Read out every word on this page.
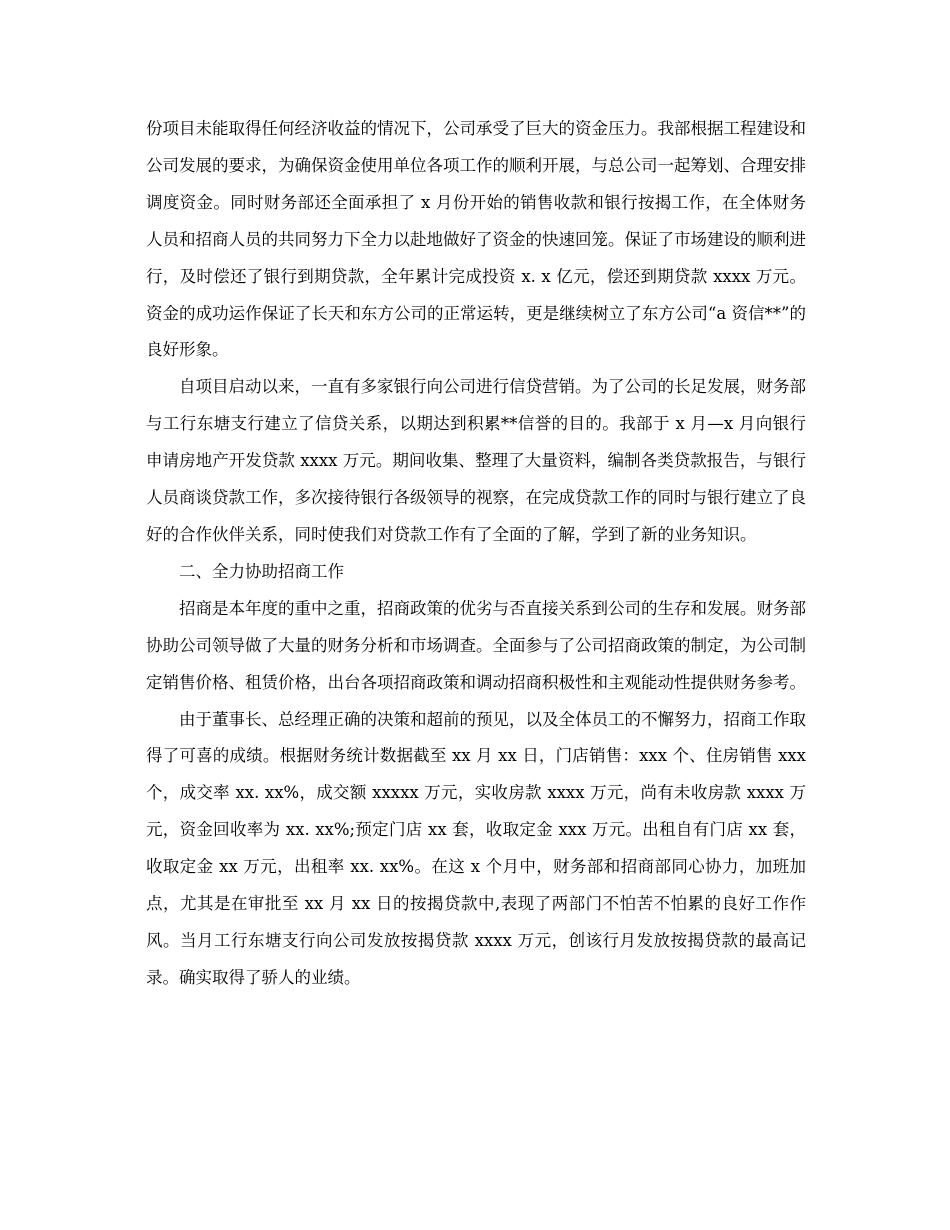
份项目未能取得任何经济收益的情况下，公司承受了巨大的资金压力。我部根据工程建设和公司发展的要求，为确保资金使用单位各项工作的顺利开展，与总公司一起筹划、合理安排调度资金。同时财务部还全面承担了 x 月份开始的销售收款和银行按揭工作，在全体财务人员和招商人员的共同努力下全力以赴地做好了资金的快速回笼。保证了市场建设的顺利进行，及时偿还了银行到期贷款，全年累计完成投资 x. x 亿元，偿还到期贷款 xxxx 万元。资金的成功运作保证了长天和东方公司的正常运转，更是继续树立了东方公司“a 资信**”的良好形象。

自项目启动以来，一直有多家银行向公司进行信贷营销。为了公司的长足发展，财务部与工行东塘支行建立了信贷关系，以期达到积累**信誉的目的。我部于 x 月—x 月向银行申请房地产开发贷款 xxxx 万元。期间收集、整理了大量资料，编制各类贷款报告，与银行人员商谈贷款工作，多次接待银行各级领导的视察，在完成贷款工作的同时与银行建立了良好的合作伙伴关系，同时使我们对贷款工作有了全面的了解，学到了新的业务知识。

二、全力协助招商工作

招商是本年度的重中之重，招商政策的优劣与否直接关系到公司的生存和发展。财务部协助公司领导做了大量的财务分析和市场调查。全面参与了公司招商政策的制定，为公司制定销售价格、租赁价格，出台各项招商政策和调动招商积极性和主观能动性提供财务参考。

由于董事长、总经理正确的决策和超前的预见，以及全体员工的不懈努力，招商工作取得了可喜的成绩。根据财务统计数据截至 xx 月 xx 日，门店销售：xxx 个、住房销售 xxx 个，成交率 xx. xx%，成交额 xxxxx 万元，实收房款 xxxx 万元，尚有未收房款 xxxx 万元，资金回收率为 xx. xx%;预定门店 xx 套，收取定金 xxx 万元。出租自有门店 xx 套，收取定金 xx 万元，出租率 xx. xx%。在这 x 个月中，财务部和招商部同心协力，加班加点，尤其是在审批至 xx 月 xx 日的按揭贷款中,表现了两部门不怕苦不怕累的良好工作作风。当月工行东塘支行向公司发放按揭贷款 xxxx 万元，创该行月发放按揭贷款的最高记录。确实取得了骄人的业绩。
